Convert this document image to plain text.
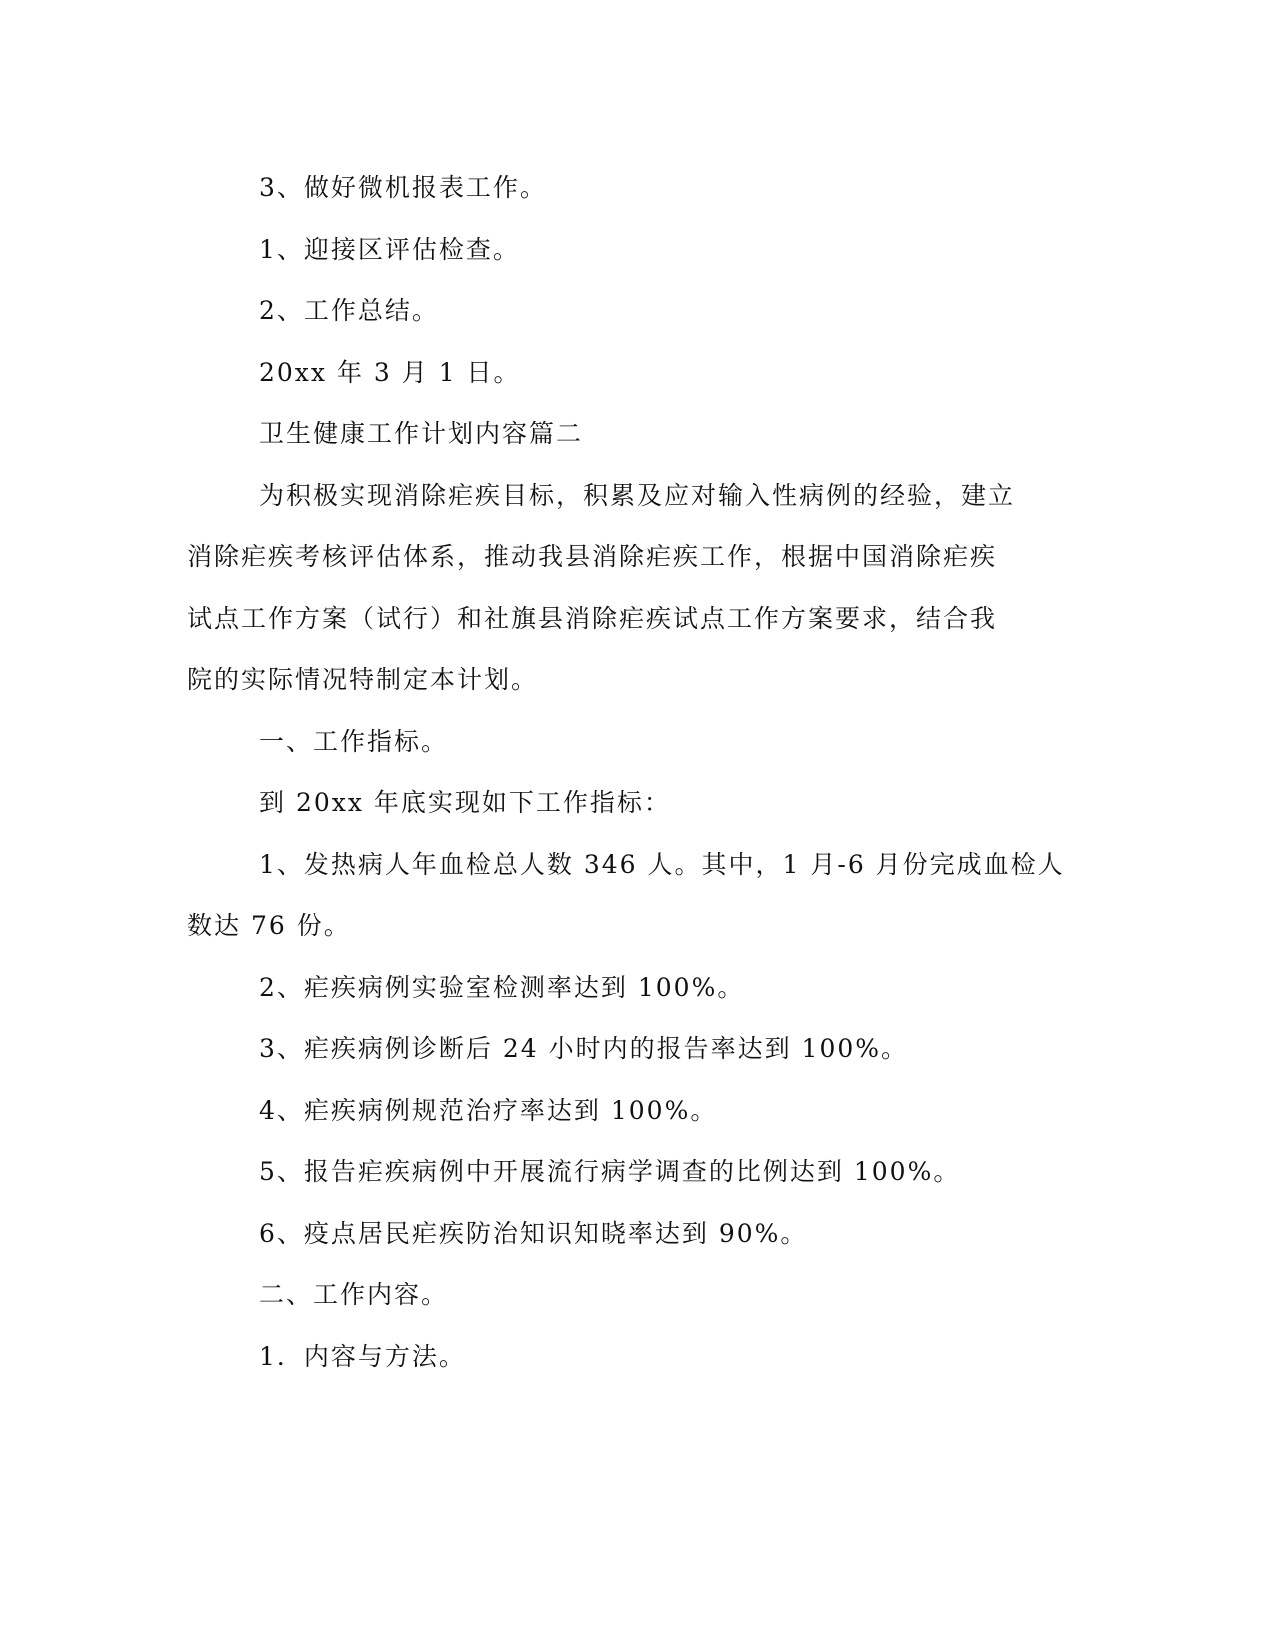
3、做好微机报表工作。

1、迎接区评估检查。

2、工作总结。

20xx 年 3 月 1 日。

卫生健康工作计划内容篇二

为积极实现消除疟疾目标，积累及应对输入性病例的经验，建立

消除疟疾考核评估体系，推动我县消除疟疾工作，根据中国消除疟疾

试点工作方案（试行）和社旗县消除疟疾试点工作方案要求，结合我

院的实际情况特制定本计划。

一、工作指标。

到 20xx 年底实现如下工作指标：

1、发热病人年血检总人数 346 人。其中，1 月-6 月份完成血检人

数达 76 份。

2、疟疾病例实验室检测率达到 100%。

3、疟疾病例诊断后 24 小时内的报告率达到 100%。

4、疟疾病例规范治疗率达到 100%。

5、报告疟疾病例中开展流行病学调查的比例达到 100%。

6、疫点居民疟疾防治知识知晓率达到 90%。

二、工作内容。

1．内容与方法。
